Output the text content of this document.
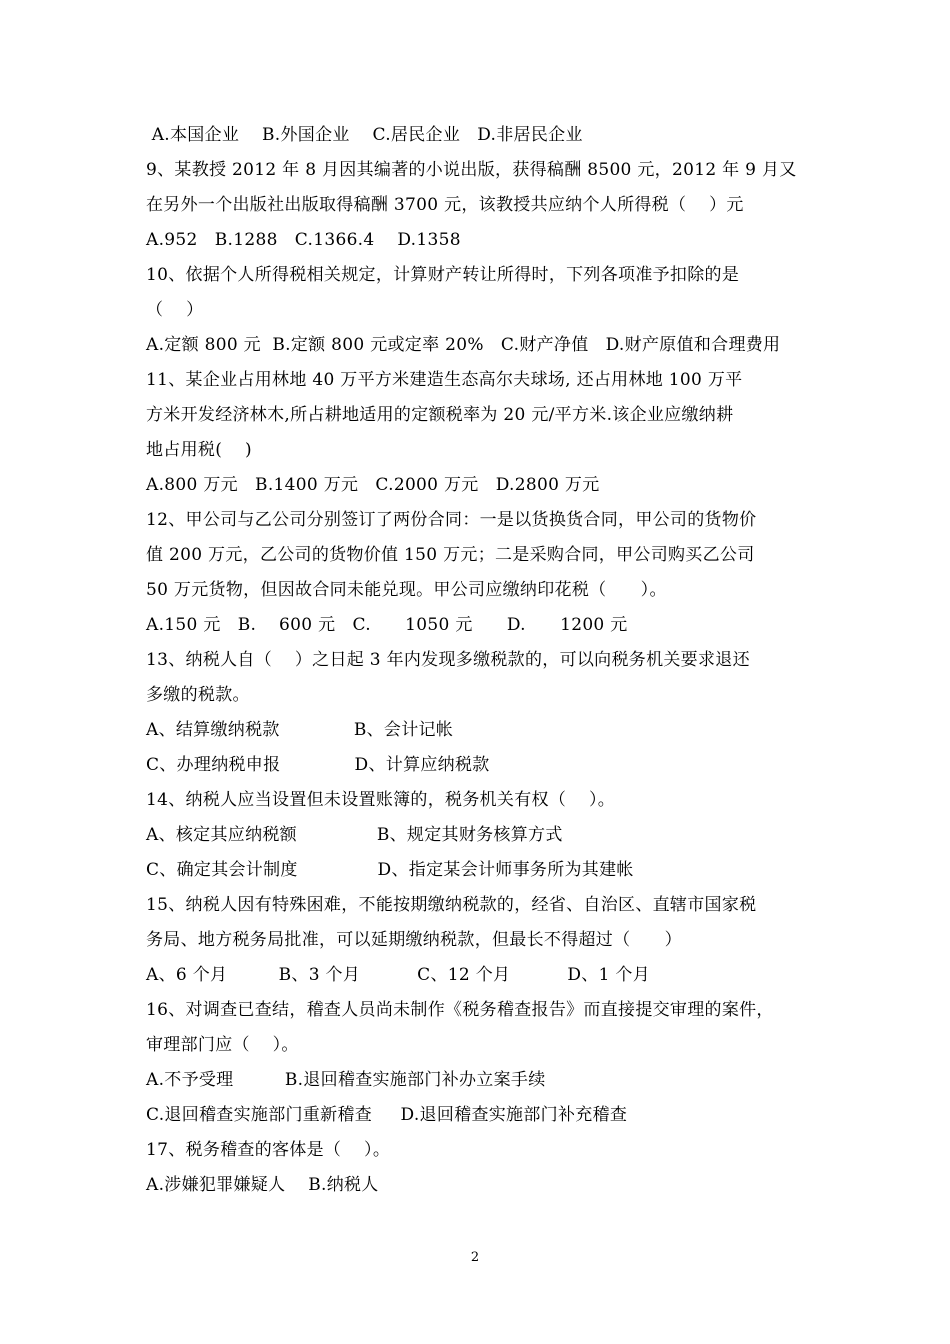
A.本国企业    B.外国企业    C.居民企业   D.非居民企业
9、某教授 2012 年 8 月因其编著的小说出版，获得稿酬 8500 元，2012 年 9 月又
在另外一个出版社出版取得稿酬 3700 元，该教授共应纳个人所得税（    ）元
A.952   B.1288   C.1366.4    D.1358
10、依据个人所得税相关规定，计算财产转让所得时，下列各项准予扣除的是
（    ）
A.定额 800 元  B.定额 800 元或定率 20%   C.财产净值   D.财产原值和合理费用
11、某企业占用林地 40 万平方米建造生态高尔夫球场, 还占用林地 100 万平
方米开发经济林木,所占耕地适用的定额税率为 20 元/平方米.该企业应缴纳耕
地占用税(    )
A.800 万元   B.1400 万元   C.2000 万元   D.2800 万元
12、甲公司与乙公司分别签订了两份合同：一是以货换货合同，甲公司的货物价
值 200 万元，乙公司的货物价值 150 万元；二是采购合同，甲公司购买乙公司
50 万元货物，但因故合同未能兑现。甲公司应缴纳印花税（      ）。
A.150 元   B.    600 元   C.      1050 元      D.      1200 元
13、纳税人自（    ）之日起 3 年内发现多缴税款的，可以向税务机关要求退还
多缴的税款。
A、结算缴纳税款             B、会计记帐
C、办理纳税申报             D、计算应纳税款
14、纳税人应当设置但未设置账簿的，税务机关有权（    ）。
A、核定其应纳税额              B、规定其财务核算方式
C、确定其会计制度              D、指定某会计师事务所为其建帐
15、纳税人因有特殊困难，不能按期缴纳税款的，经省、自治区、直辖市国家税
务局、地方税务局批准，可以延期缴纳税款，但最长不得超过（      ）
A、6 个月         B、3 个月          C、12 个月          D、1 个月
16、对调查已查结，稽查人员尚未制作《税务稽查报告》而直接提交审理的案件，
审理部门应（    ）。
A.不予受理         B.退回稽查实施部门补办立案手续
C.退回稽查实施部门重新稽查     D.退回稽查实施部门补充稽查
17、税务稽查的客体是（    ）。
A.涉嫌犯罪嫌疑人    B.纳税人
2
